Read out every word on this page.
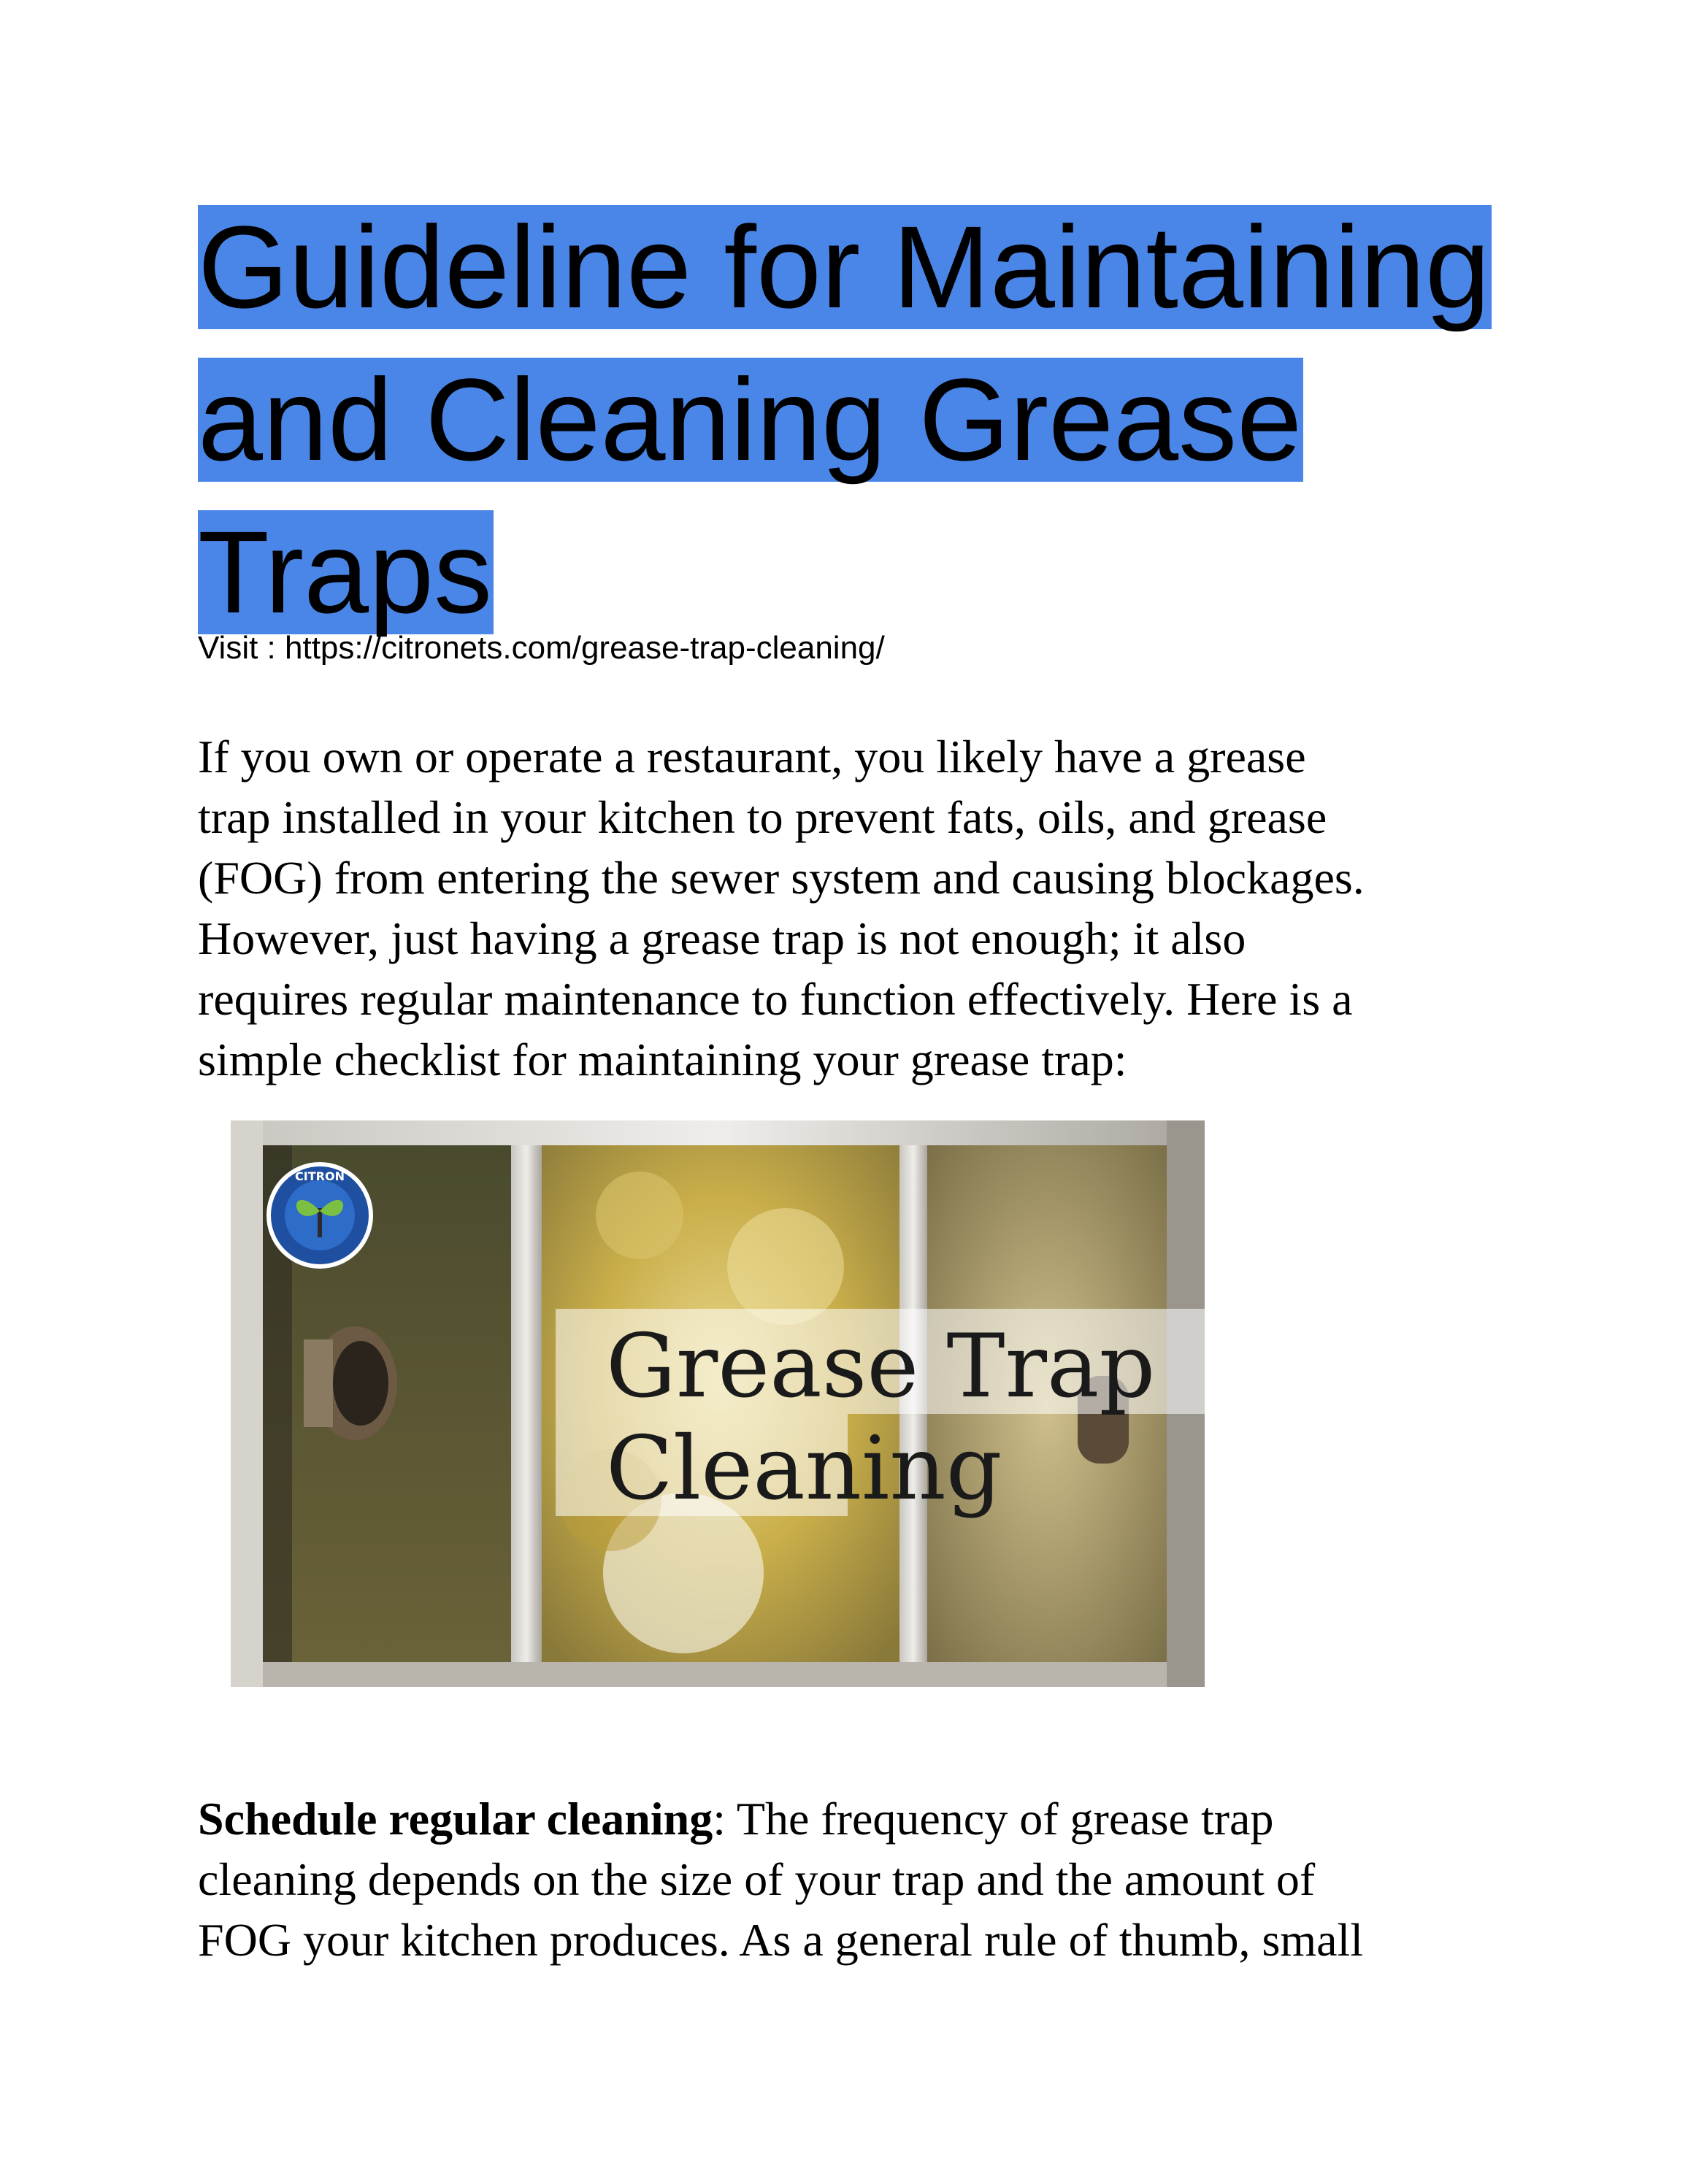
Guideline for Maintaining
and Cleaning Grease
Traps
Visit : https://citronets.com/grease-trap-cleaning/

If you own or operate a restaurant, you likely have a grease
trap installed in your kitchen to prevent fats, oils, and grease
(FOG) from entering the sewer system and causing blockages.
However, just having a grease trap is not enough; it also
requires regular maintenance to function effectively. Here is a
simple checklist for maintaining your grease trap:

Grease Trap
Cleaning
CITRON

Schedule regular cleaning: The frequency of grease trap
cleaning depends on the size of your trap and the amount of
FOG your kitchen produces. As a general rule of thumb, small
